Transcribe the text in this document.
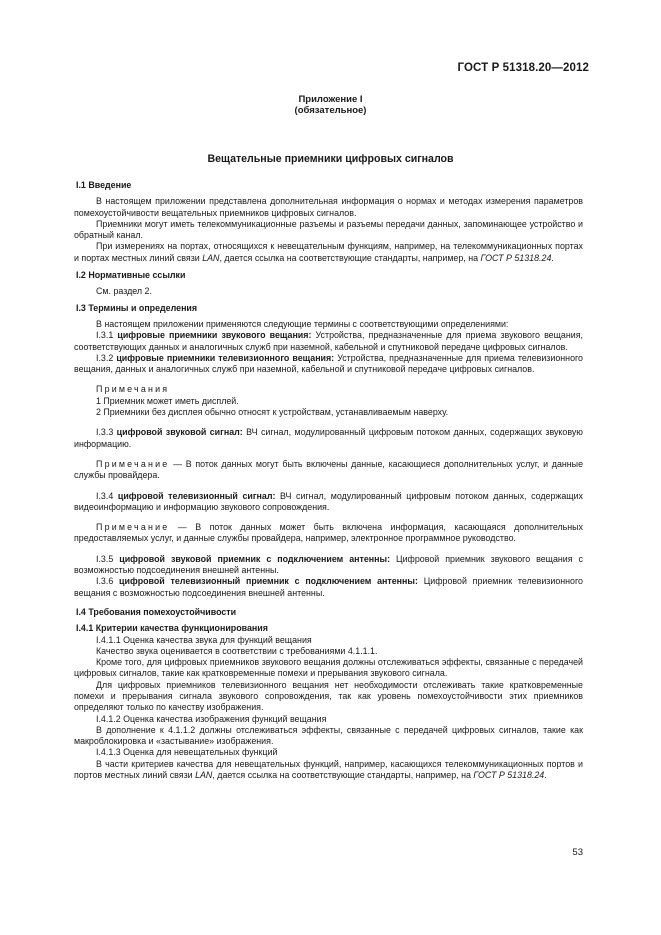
ГОСТ Р 51318.20—2012
Приложение I
(обязательное)
Вещательные приемники цифровых сигналов

I.1 Введение

В настоящем приложении представлена дополнительная информация о нормах и методах измерения параметров помехоустойчивости вещательных приемников цифровых сигналов.

Приемники могут иметь телекоммуникационные разъемы и разъемы передачи данных, запоминающее устройство и обратный канал.

При измерениях на портах, относящихся к невещательным функциям, например, на телекоммуникационных портах и портах местных линий связи LAN, дается ссылка на соответствующие стандарты, например, на ГОСТ Р 51318.24.

I.2 Нормативные ссылки

См. раздел 2.

I.3 Термины и определения

В настоящем приложении применяются следующие термины с соответствующими определениями:

I.3.1 цифровые приемники звукового вещания: Устройства, предназначенные для приема звукового вещания, соответствующих данных и аналогичных служб при наземной, кабельной и спутниковой передаче цифровых сигналов.

I.3.2 цифровые приемники телевизионного вещания: Устройства, предназначенные для приема телевизионного вещания, данных и аналогичных служб при наземной, кабельной и спутниковой передаче цифровых сигналов.

Примечания

1 Приемник может иметь дисплей.

2 Приемники без дисплея обычно относят к устройствам, устанавливаемым наверху.

I.3.3 цифровой звуковой сигнал: ВЧ сигнал, модулированный цифровым потоком данных, содержащих звуковую информацию.

Примечание — В поток данных могут быть включены данные, касающиеся дополнительных услуг, и данные службы провайдера.

I.3.4 цифровой телевизионный сигнал: ВЧ сигнал, модулированный цифровым потоком данных, содержащих видеоинформацию и информацию звукового сопровождения.

Примечание — В поток данных может быть включена информация, касающаяся дополнительных предоставляемых услуг, и данные службы провайдера, например, электронное программное руководство.

I.3.5 цифровой звуковой приемник с подключением антенны: Цифровой приемник звукового вещания с возможностью подсоединения внешней антенны.

I.3.6 цифровой телевизионный приемник с подключением антенны: Цифровой приемник телевизионного вещания с возможностью подсоединения внешней антенны.

I.4 Требования помехоустойчивости

I.4.1 Критерии качества функционирования

I.4.1.1 Оценка качества звука для функций вещания

Качество звука оценивается в соответствии с требованиями 4.1.1.1.

Кроме того, для цифровых приемников звукового вещания должны отслеживаться эффекты, связанные с передачей цифровых сигналов, такие как кратковременные помехи и прерывания звукового сигнала.

Для цифровых приемников телевизионного вещания нет необходимости отслеживать такие кратковременные помехи и прерывания сигнала звукового сопровождения, так как уровень помехоустойчивости этих приемников определяют только по качеству изображения.

I.4.1.2 Оценка качества изображения функций вещания

В дополнение к 4.1.1.2 должны отслеживаться эффекты, связанные с передачей цифровых сигналов, такие как макроблокировка и «застывание» изображения.

I.4.1.3 Оценка для невещательных функций

В части критериев качества для невещательных функций, например, касающихся телекоммуникационных портов и портов местных линий связи LAN, дается ссылка на соответствующие стандарты, например, на ГОСТ Р 51318.24.

53
